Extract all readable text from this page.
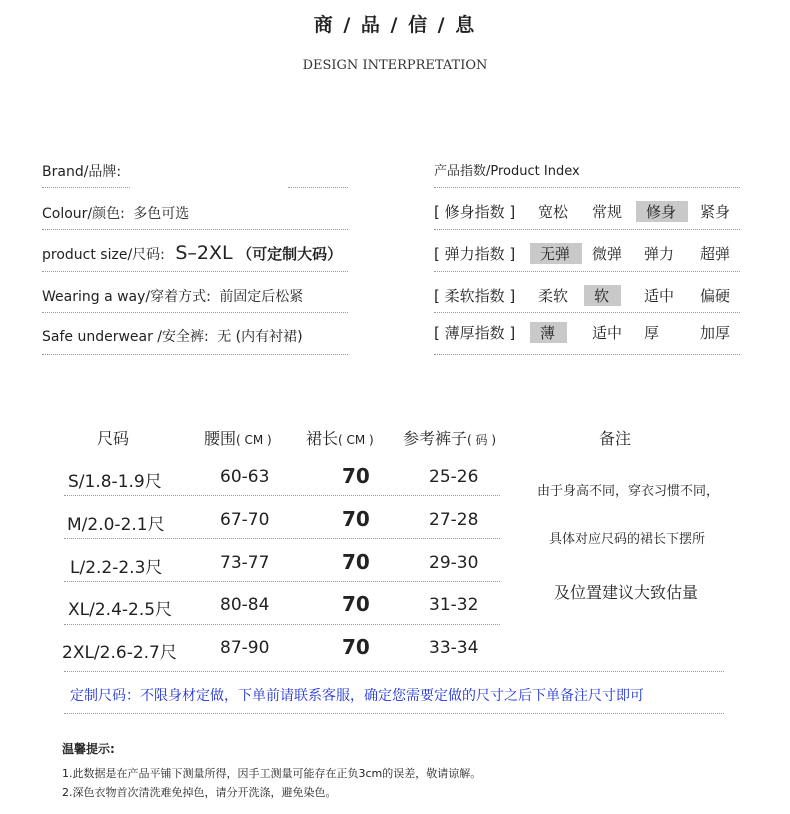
商 / 品 / 信 / 息
DESIGN INTERPRETATION
Brand/品牌:
Colour/颜色: 多色可选
product size/尺码: S–2XL （可定制大码）
Wearing a way/穿着方式: 前固定后松紧
Safe underwear /安全裤: 无 (内有衬裙)
产品指数/Product Index
[ 修身指数 ] 宽松 常规	修身	紧身
[ 弹力指数 ]	无弹	微弹 弹力 超弹
[ 柔软指数 ] 柔软	软	适中 偏硬
[ 薄厚指数 ]	薄	适中 厚	加厚
尺码	腰围( CM ) 裙长( CM ) 参考裤子( 码 )	备注
S/1.8-1.9尺	60-63	70	25-26
M/2.0-2.1尺	67-70	70	27-28
L/2.2-2.3尺	73-77	70	29-30
XL/2.4-2.5尺	80-84	70	31-32
2XL/2.6-2.7尺	87-90	70	33-34
由于身高不同，穿衣习惯不同，
具体对应尺码的裙长下摆所
及位置建议大致估量
定制尺码：不限身材定做，下单前请联系客服，确定您需要定做的尺寸之后下单备注尺寸即可
温馨提示:
1.此数据是在产品平铺下测量所得，因手工测量可能存在正负3cm的误差，敬请谅解。
2.深色衣物首次清洗难免掉色，请分开洗涤，避免染色。
